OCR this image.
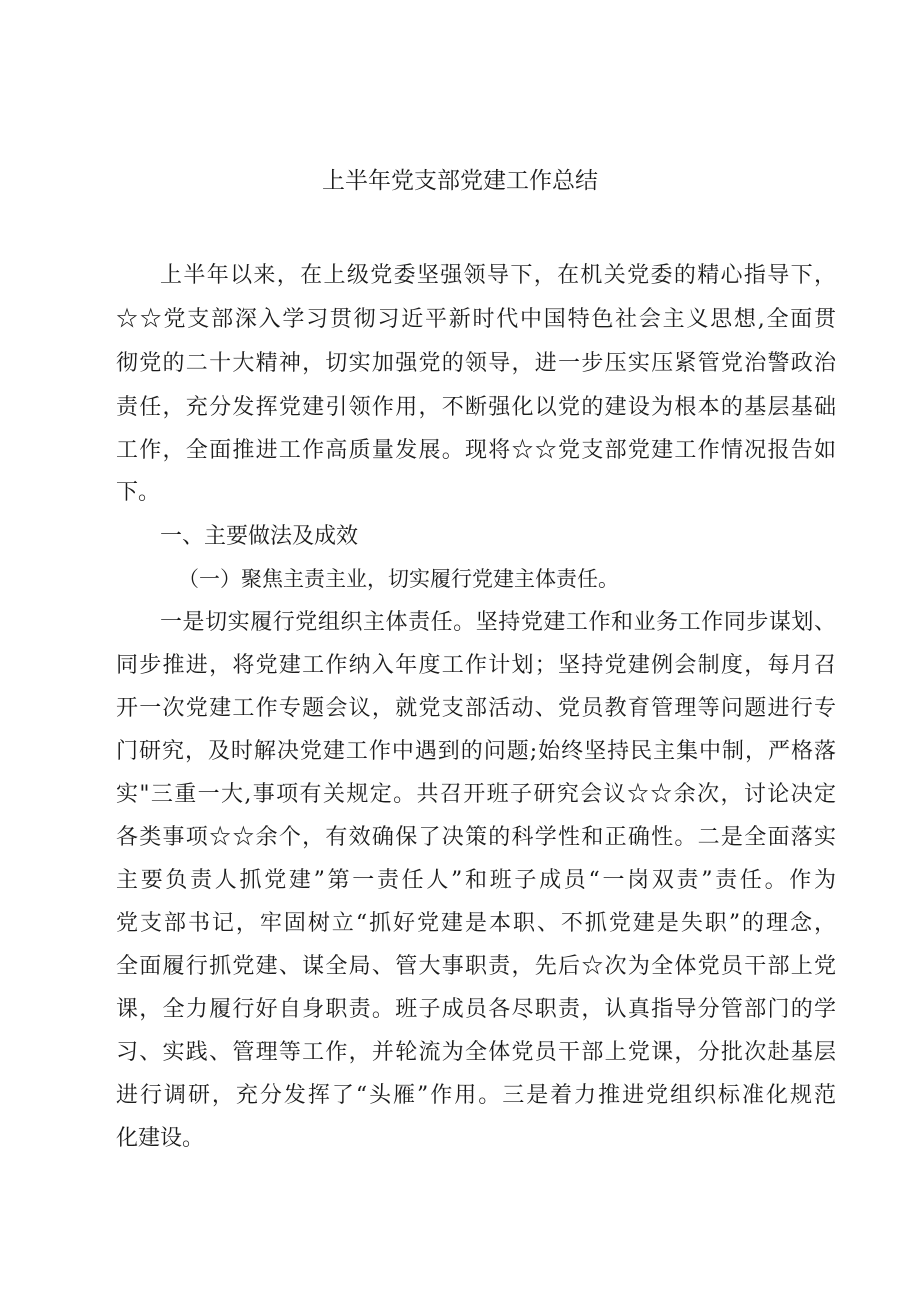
上半年党支部党建工作总结
上半年以来，在上级党委坚强领导下，在机关党委的精心指导下，
☆☆党支部深入学习贯彻习近平新时代中国特色社会主义思想,全面贯
彻党的二十大精神，切实加强党的领导，进一步压实压紧管党治警政治
责任，充分发挥党建引领作用，不断强化以党的建设为根本的基层基础
工作，全面推进工作高质量发展。现将☆☆党支部党建工作情况报告如
下。
一、主要做法及成效
（一）聚焦主责主业，切实履行党建主体责任。
一是切实履行党组织主体责任。坚持党建工作和业务工作同步谋划、
同步推进，将党建工作纳入年度工作计划；坚持党建例会制度，每月召
开一次党建工作专题会议，就党支部活动、党员教育管理等问题进行专
门研究，及时解决党建工作中遇到的问题;始终坚持民主集中制，严格落
实"三重一大,事项有关规定。共召开班子研究会议☆☆余次，讨论决定
各类事项☆☆余个，有效确保了决策的科学性和正确性。二是全面落实
主要负责人抓党建”第一责任人”和班子成员“一岗双责”责任。作为
党支部书记，牢固树立“抓好党建是本职、不抓党建是失职”的理念，
全面履行抓党建、谋全局、管大事职责，先后☆次为全体党员干部上党
课，全力履行好自身职责。班子成员各尽职责，认真指导分管部门的学
习、实践、管理等工作，并轮流为全体党员干部上党课，分批次赴基层
进行调研，充分发挥了“头雁”作用。三是着力推进党组织标准化规范
化建设。
